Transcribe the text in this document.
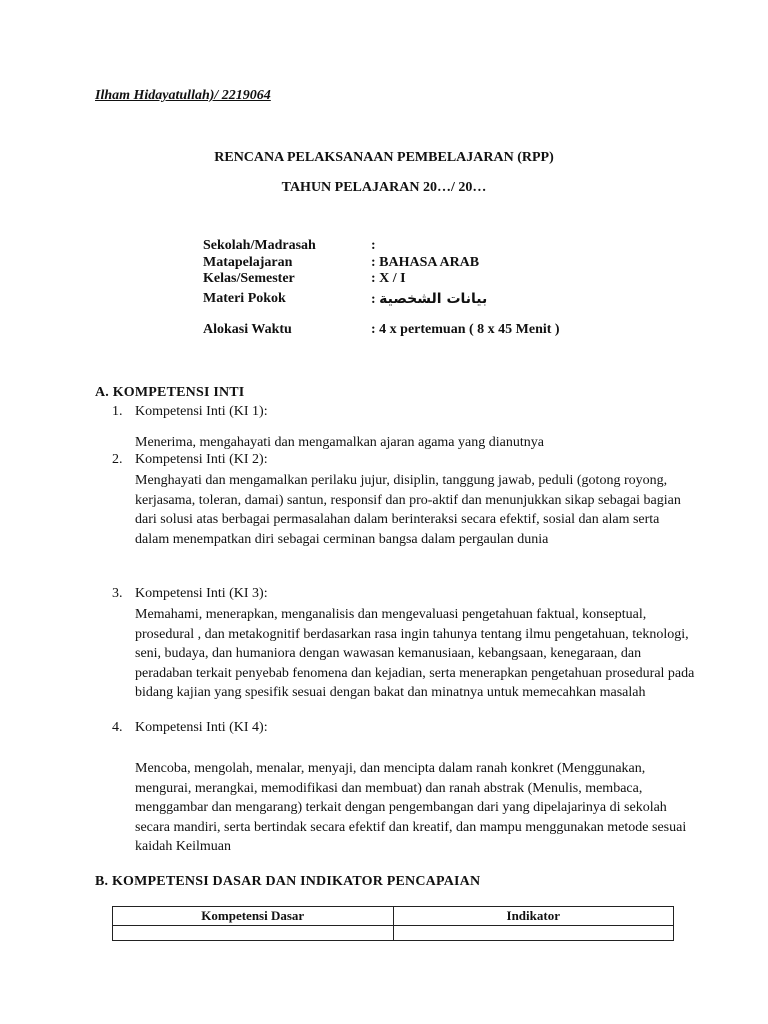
Ilham Hidayatullah)/ 2219064
RENCANA PELAKSANAAN PEMBELAJARAN (RPP)
TAHUN PELAJARAN 20…/ 20…
Sekolah/Madrasah	:
Matapelajaran	: BAHASA ARAB
Kelas/Semester	: X / I
Materi Pokok	: بيانات الشخصية
Alokasi Waktu	: 4 x pertemuan ( 8 x 45 Menit )
A. KOMPETENSI INTI
1. Kompetensi Inti (KI 1):
Menerima, mengahayati dan mengamalkan ajaran agama yang dianutnya
2. Kompetensi Inti (KI 2):
Menghayati dan mengamalkan perilaku jujur, disiplin, tanggung jawab, peduli (gotong royong, kerjasama, toleran, damai) santun, responsif dan pro-aktif dan menunjukkan sikap sebagai bagian dari solusi atas berbagai permasalahan dalam berinteraksi secara efektif, sosial dan alam serta dalam menempatkan diri sebagai cerminan bangsa dalam pergaulan dunia
3. Kompetensi Inti (KI 3):
Memahami, menerapkan, menganalisis dan mengevaluasi pengetahuan faktual, konseptual, prosedural , dan metakognitif berdasarkan rasa ingin tahunya tentang ilmu pengetahuan, teknologi, seni, budaya, dan humaniora dengan wawasan kemanusiaan, kebangsaan, kenegaraan, dan peradaban terkait penyebab fenomena dan kejadian, serta menerapkan pengetahuan prosedural pada bidang kajian yang spesifik sesuai dengan bakat dan minatnya untuk memecahkan masalah
4. Kompetensi Inti (KI 4):
Mencoba, mengolah, menalar, menyaji, dan mencipta dalam ranah konkret (Menggunakan, mengurai, merangkai, memodifikasi dan membuat) dan ranah abstrak (Menulis, membaca, menggambar dan mengarang) terkait dengan pengembangan dari yang dipelajarinya di sekolah secara mandiri, serta bertindak secara efektif dan kreatif, dan mampu menggunakan metode sesuai kaidah Keilmuan
B. KOMPETENSI DASAR DAN INDIKATOR PENCAPAIAN
Kompetensi Dasar	Indikator
